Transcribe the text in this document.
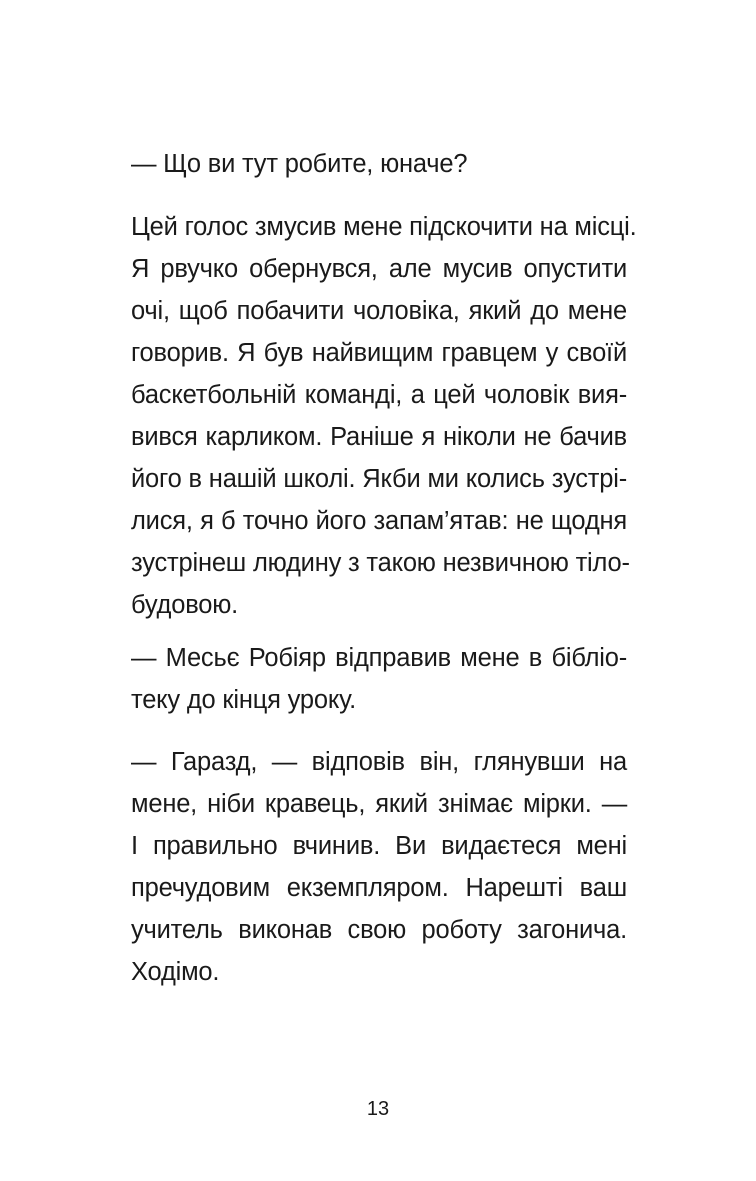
— Що ви тут робите, юначе?
Цей голос змусив мене підскочити на місці.
Я рвучко обернувся, але мусив опустити
очі, щоб побачити чоловіка, який до мене
говорив. Я був найвищим гравцем у своїй
баскетбольній команді, а цей чоловік вия-
вився карликом. Раніше я ніколи не бачив
його в нашій школі. Якби ми колись зустрі-
лися, я б точно його запам’ятав: не щодня
зустрінеш людину з такою незвичною тіло-
будовою.
— Месьє Робіяр відправив мене в бібліо-
теку до кінця уроку.
— Гаразд, — відповів він, глянувши на
мене, ніби кравець, який знімає мірки. —
І правильно вчинив. Ви видаєтеся мені
пречудовим екземпляром. Нарешті ваш
учитель виконав свою роботу загонича.
Ходімо.
13
